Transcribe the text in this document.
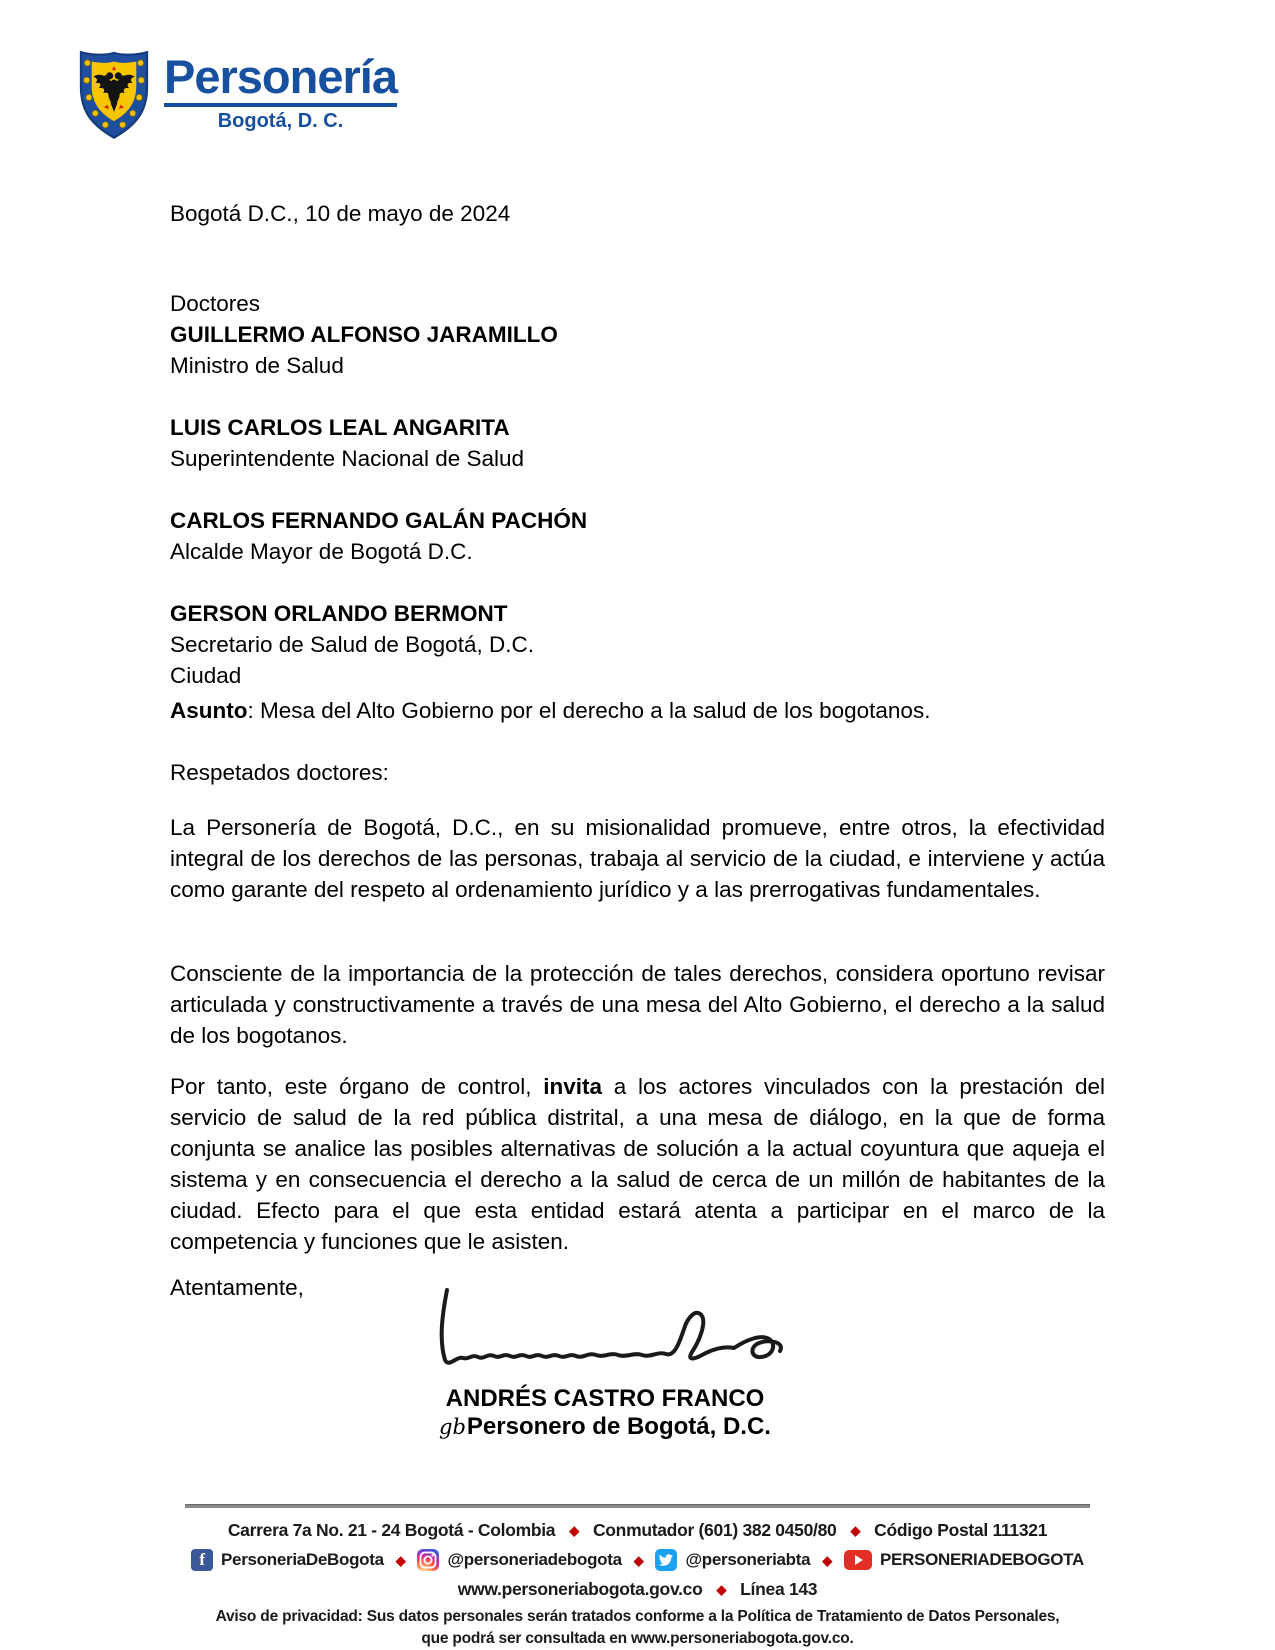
Personería
Bogotá, D. C.
Bogotá D.C., 10 de mayo de 2024

Doctores

GUILLERMO ALFONSO JARAMILLO

Ministro de Salud

LUIS CARLOS LEAL ANGARITA

Superintendente Nacional de Salud

CARLOS FERNANDO GALÁN PACHÓN

Alcalde Mayor de Bogotá D.C.

GERSON ORLANDO BERMONT

Secretario de Salud de Bogotá, D.C.

Ciudad

Asunto: Mesa del Alto Gobierno por el derecho a la salud de los bogotanos.
Respetados doctores:
La Personería de Bogotá, D.C., en su misionalidad promueve, entre otros, la efectividad integral de los derechos de las personas, trabaja al servicio de la ciudad, e interviene y actúa como garante del respeto al ordenamiento jurídico y a las prerrogativas fundamentales.
Consciente de la importancia de la protección de tales derechos, considera oportuno revisar articulada y constructivamente a través de una mesa del Alto Gobierno, el derecho a la salud de los bogotanos.
Por tanto, este órgano de control, invita a los actores vinculados con la prestación del servicio de salud de la red pública distrital, a una mesa de diálogo, en la que de forma conjunta se analice las posibles alternativas de solución a la actual coyuntura que aqueja el sistema y en consecuencia el derecho a la salud de cerca de un millón de habitantes de la ciudad. Efecto para el que esta entidad estará atenta a participar en el marco de la competencia y funciones que le asisten.
Atentamente,
ANDRÉS CASTRO FRANCO
gbPersonero de Bogotá, D.C.
Carrera 7a No. 21 - 24 Bogotá - Colombia ◆ Conmutador (601) 382 0450/80 ◆ Código Postal 111321
f PersoneriaDeBogota ◆ @personeriadebogota ◆ @personeriabta ◆	PERSONERIADEBOGOTA
www.personeriabogota.gov.co ◆ Línea 143
Aviso de privacidad: Sus datos personales serán tratados conforme a la Política de Tratamiento de Datos Personales,
que podrá ser consultada en www.personeriabogota.gov.co.
